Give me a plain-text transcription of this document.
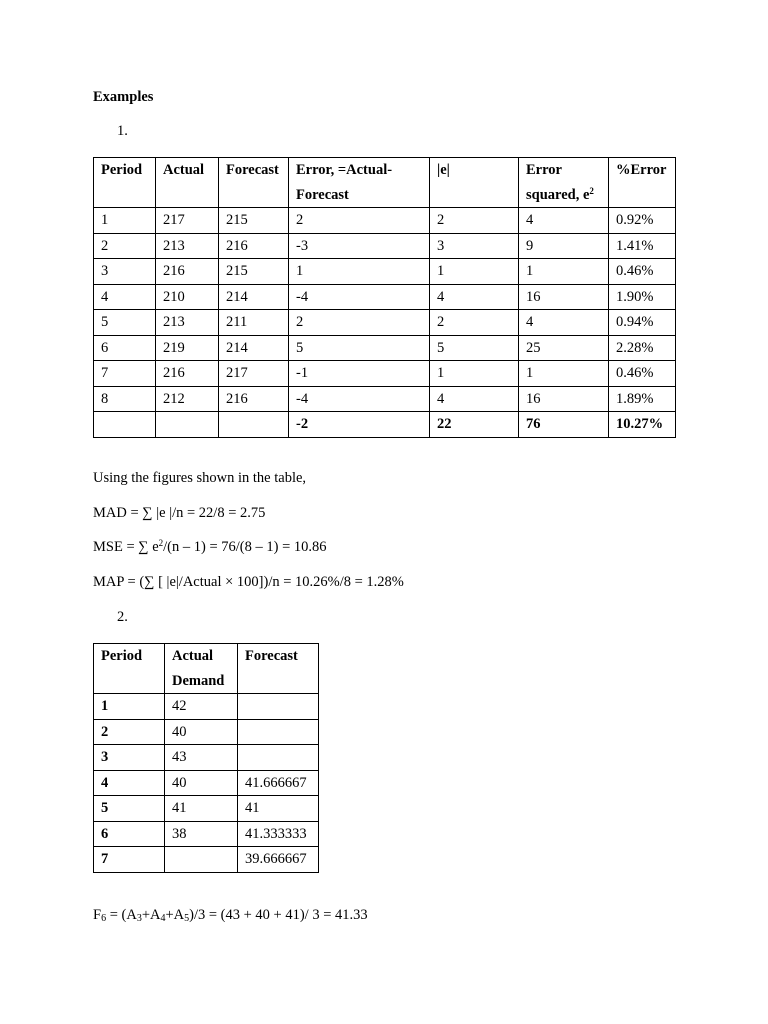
Examples
1.
Period	Actual	Forecast	Error, =Actual-Forecast	|e|	Error squared, $e^2$	%Error
1	217	215	2	2	4	0.92%
2	213	216	-3	3	9	1.41%
3	216	215	1	1	1	0.46%
4	210	214	-4	4	16	1.90%
5	213	211	2	2	4	0.94%
6	219	214	5	5	25	2.28%
7	216	217	-1	1	1	0.46%
8	212	216	-4	4	16	1.89%
			-2	22	76	10.27%
Using the figures shown in the table,
MAD = ∑ |e |/n = 22/8 = 2.75
MSE = ∑ $e^2/(n - 1) = 76/(8 - 1) = 10.86$
MAP = (∑ [ |e|/Actual × 100])/n = 10.26%/8 = 1.28%
2.
Period	Actual Demand	Forecast
1	42	
2	40	
3	43	
4	40	41.666667
5	41	41
6	38	41.333333
7		39.666667
$F_6 = (A_3+A_4+A_5)/3 = (43 + 40 + 41)/$ 3 = 41.33
